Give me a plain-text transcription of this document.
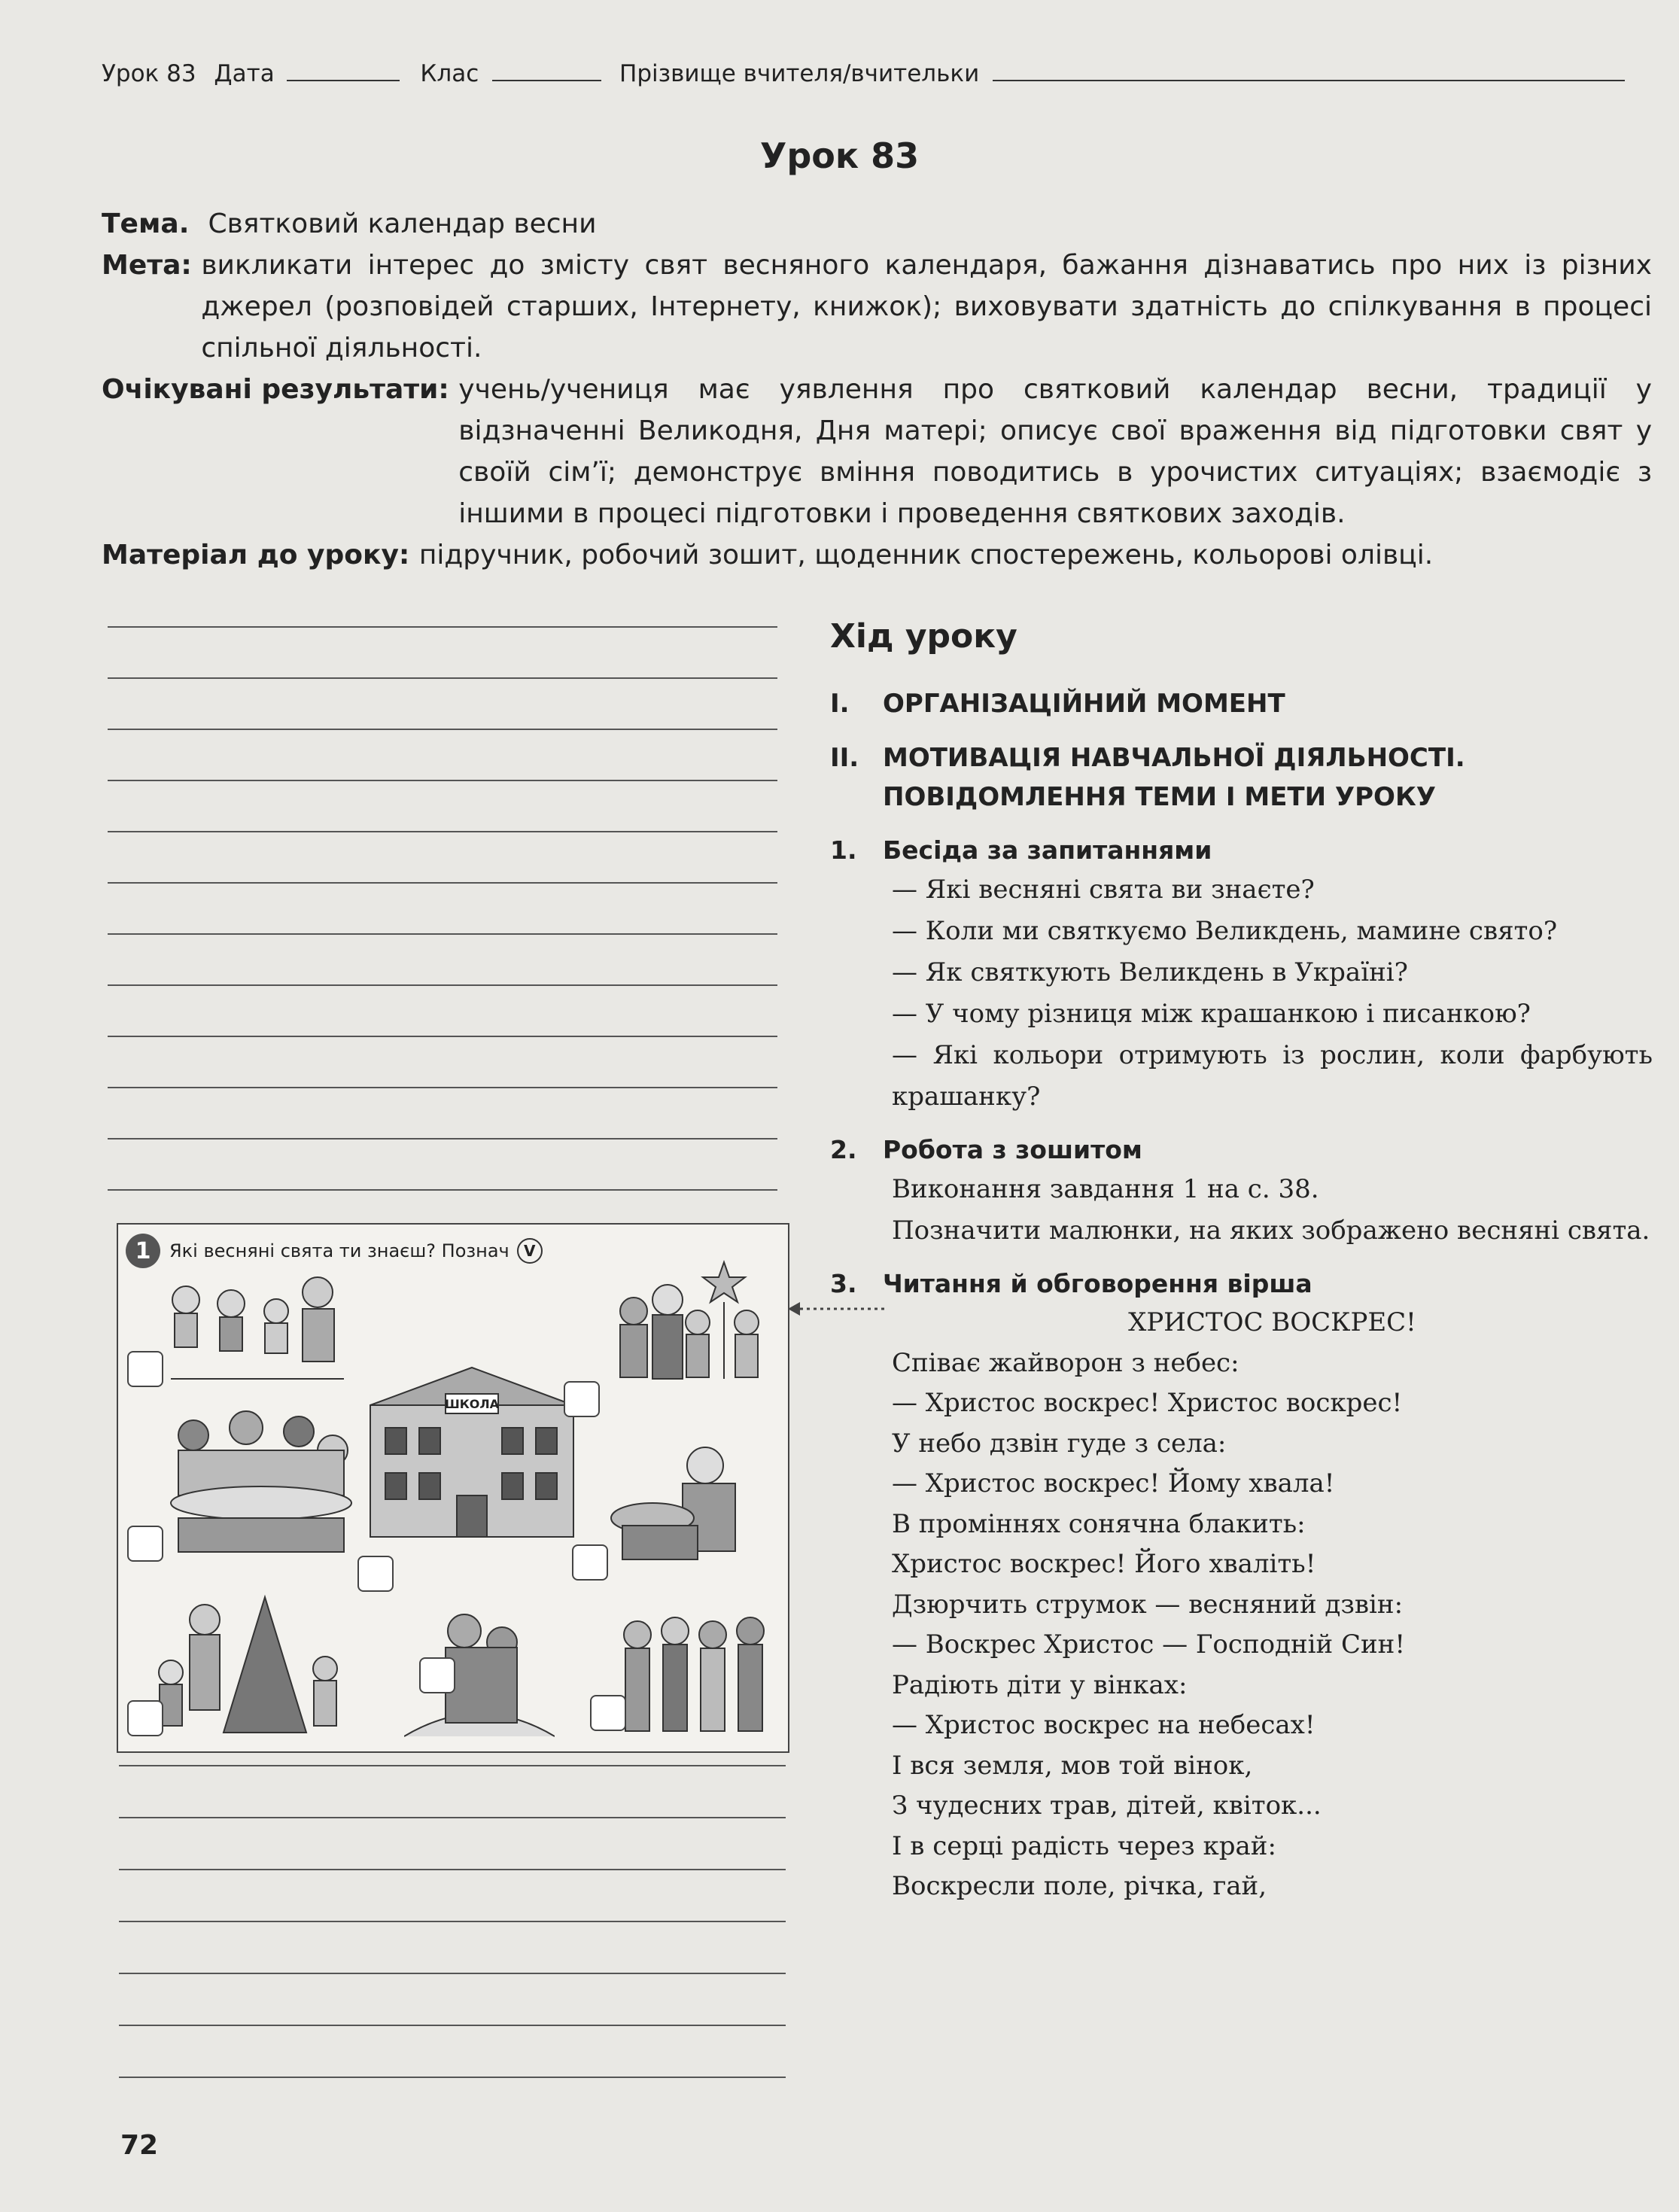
Урок 83 Дата	Клас	Прізвище вчителя/вчительки
Урок 83
Тема . Святковий календар весни
Мета : викликати інтерес до змісту свят весняного календаря, бажання дізнаватись про них із різних джерел (розповідей старших, Інтернету, книжок); виховувати здатність до спілкування в процесі спільної діяльності.
Очікувані результати : учень/учениця має уявлення про святковий календар весни, традиції у відзначенні Великодня, Дня матері; описує свої враження від підготовки свят у своїй сім’ї; демонструє вміння поводитись в урочистих ситуаціях; взаємодіє з іншими в процесі підготовки і проведення святкових заходів.
Матеріал до уроку : підручник, робочий зошит, щоденник спостережень, кольорові олівці.
1	Які весняні свята ти знаєш? Познач V
ШКОЛА
Хід уроку
I.	ОРГАНІЗАЦІЙНИЙ МОМЕНТ
II. МОТИВАЦІЯ НАВЧАЛЬНОЇ ДІЯЛЬНОСТІ. ПОВІДОМЛЕННЯ ТЕМИ І МЕТИ УРОКУ
1.	Бесіда за запитаннями
— Які весняні свята ви знаєте?
— Коли ми святкуємо Великдень, мамине свято?
— Як святкують Великдень в Україні?
— У чому різниця між крашанкою і писанкою?
— Які кольори отримують із рослин, коли фарбують крашанку?
2.	Робота з зошитом
Виконання завдання 1 на с. 38.
Позначити малюнки, на яких зображено весняні свята.
3.	Читання й обговорення вірша
ХРИСТОС ВОСКРЕС!
Співає жайворон з небес:
— Христос воскрес! Христос воскрес!
У небо дзвін гуде з села:
— Христос воскрес! Йому хвала!
В проміннях сонячна блакить:
Христос воскрес! Його хваліть!
Дзюрчить струмок — весняний дзвін:
— Воскрес Христос — Господній Син!
Радіють діти у вінках:
— Христос воскрес на небесах!
І вся земля, мов той вінок,
З чудесних трав, дітей, квіток...
І в серці радість через край:
Воскресли поле, річка, гай,
72
